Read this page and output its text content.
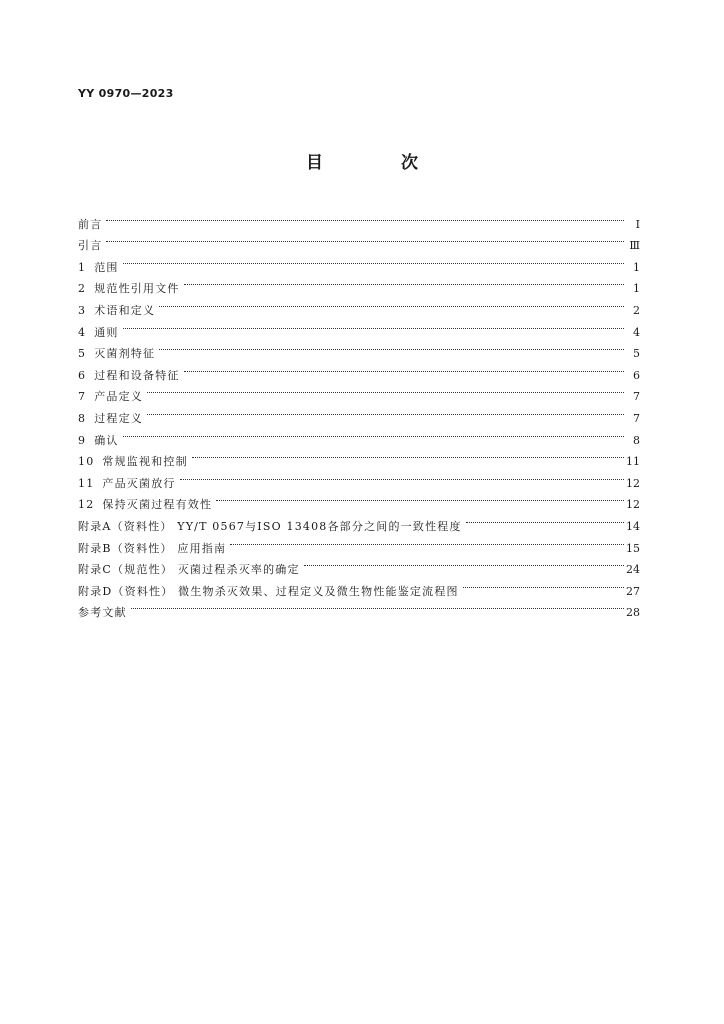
YY 0970—2023
目 次
前言	Ⅰ
引言	Ⅲ
1 范围	1
2 规范性引用文件	1
3 术语和定义	2
4 通则	4
5 灭菌剂特征	5
6 过程和设备特征	6
7 产品定义	7
8 过程定义	7
9 确认	8
10 常规监视和控制	11
11 产品灭菌放行	12
12 保持灭菌过程有效性	12
附录A（资料性） YY/T 0567与ISO 13408各部分之间的一致性程度	14
附录B（资料性） 应用指南	15
附录C（规范性） 灭菌过程杀灭率的确定	24
附录D（资料性） 微生物杀灭效果、过程定义及微生物性能鉴定流程图	27
参考文献	28
